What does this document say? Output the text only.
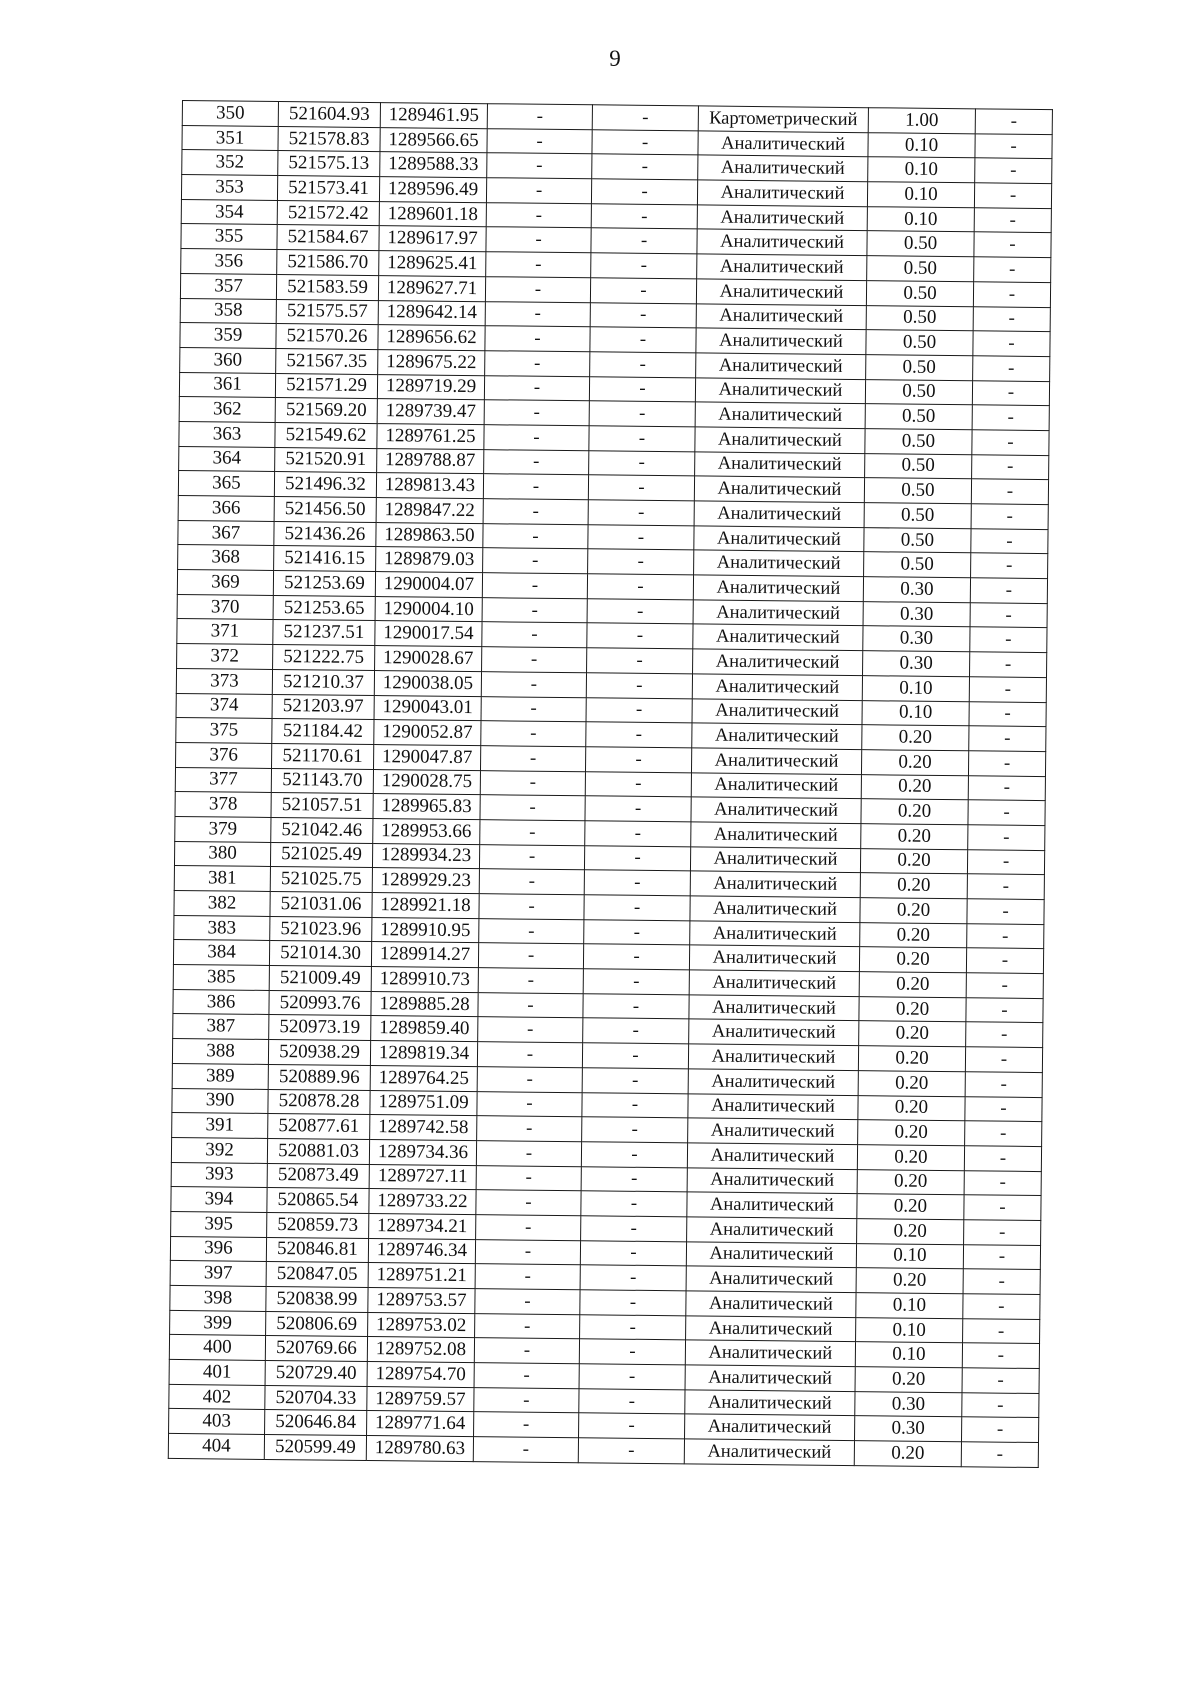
9
350	521604.93	1289461.95	-	-	Картометрический	1.00	-
351	521578.83	1289566.65	-	-	Аналитический	0.10	-
352	521575.13	1289588.33	-	-	Аналитический	0.10	-
353	521573.41	1289596.49	-	-	Аналитический	0.10	-
354	521572.42	1289601.18	-	-	Аналитический	0.10	-
355	521584.67	1289617.97	-	-	Аналитический	0.50	-
356	521586.70	1289625.41	-	-	Аналитический	0.50	-
357	521583.59	1289627.71	-	-	Аналитический	0.50	-
358	521575.57	1289642.14	-	-	Аналитический	0.50	-
359	521570.26	1289656.62	-	-	Аналитический	0.50	-
360	521567.35	1289675.22	-	-	Аналитический	0.50	-
361	521571.29	1289719.29	-	-	Аналитический	0.50	-
362	521569.20	1289739.47	-	-	Аналитический	0.50	-
363	521549.62	1289761.25	-	-	Аналитический	0.50	-
364	521520.91	1289788.87	-	-	Аналитический	0.50	-
365	521496.32	1289813.43	-	-	Аналитический	0.50	-
366	521456.50	1289847.22	-	-	Аналитический	0.50	-
367	521436.26	1289863.50	-	-	Аналитический	0.50	-
368	521416.15	1289879.03	-	-	Аналитический	0.50	-
369	521253.69	1290004.07	-	-	Аналитический	0.30	-
370	521253.65	1290004.10	-	-	Аналитический	0.30	-
371	521237.51	1290017.54	-	-	Аналитический	0.30	-
372	521222.75	1290028.67	-	-	Аналитический	0.30	-
373	521210.37	1290038.05	-	-	Аналитический	0.10	-
374	521203.97	1290043.01	-	-	Аналитический	0.10	-
375	521184.42	1290052.87	-	-	Аналитический	0.20	-
376	521170.61	1290047.87	-	-	Аналитический	0.20	-
377	521143.70	1290028.75	-	-	Аналитический	0.20	-
378	521057.51	1289965.83	-	-	Аналитический	0.20	-
379	521042.46	1289953.66	-	-	Аналитический	0.20	-
380	521025.49	1289934.23	-	-	Аналитический	0.20	-
381	521025.75	1289929.23	-	-	Аналитический	0.20	-
382	521031.06	1289921.18	-	-	Аналитический	0.20	-
383	521023.96	1289910.95	-	-	Аналитический	0.20	-
384	521014.30	1289914.27	-	-	Аналитический	0.20	-
385	521009.49	1289910.73	-	-	Аналитический	0.20	-
386	520993.76	1289885.28	-	-	Аналитический	0.20	-
387	520973.19	1289859.40	-	-	Аналитический	0.20	-
388	520938.29	1289819.34	-	-	Аналитический	0.20	-
389	520889.96	1289764.25	-	-	Аналитический	0.20	-
390	520878.28	1289751.09	-	-	Аналитический	0.20	-
391	520877.61	1289742.58	-	-	Аналитический	0.20	-
392	520881.03	1289734.36	-	-	Аналитический	0.20	-
393	520873.49	1289727.11	-	-	Аналитический	0.20	-
394	520865.54	1289733.22	-	-	Аналитический	0.20	-
395	520859.73	1289734.21	-	-	Аналитический	0.20	-
396	520846.81	1289746.34	-	-	Аналитический	0.10	-
397	520847.05	1289751.21	-	-	Аналитический	0.20	-
398	520838.99	1289753.57	-	-	Аналитический	0.10	-
399	520806.69	1289753.02	-	-	Аналитический	0.10	-
400	520769.66	1289752.08	-	-	Аналитический	0.10	-
401	520729.40	1289754.70	-	-	Аналитический	0.20	-
402	520704.33	1289759.57	-	-	Аналитический	0.30	-
403	520646.84	1289771.64	-	-	Аналитический	0.30	-
404	520599.49	1289780.63	-	-	Аналитический	0.20	-
